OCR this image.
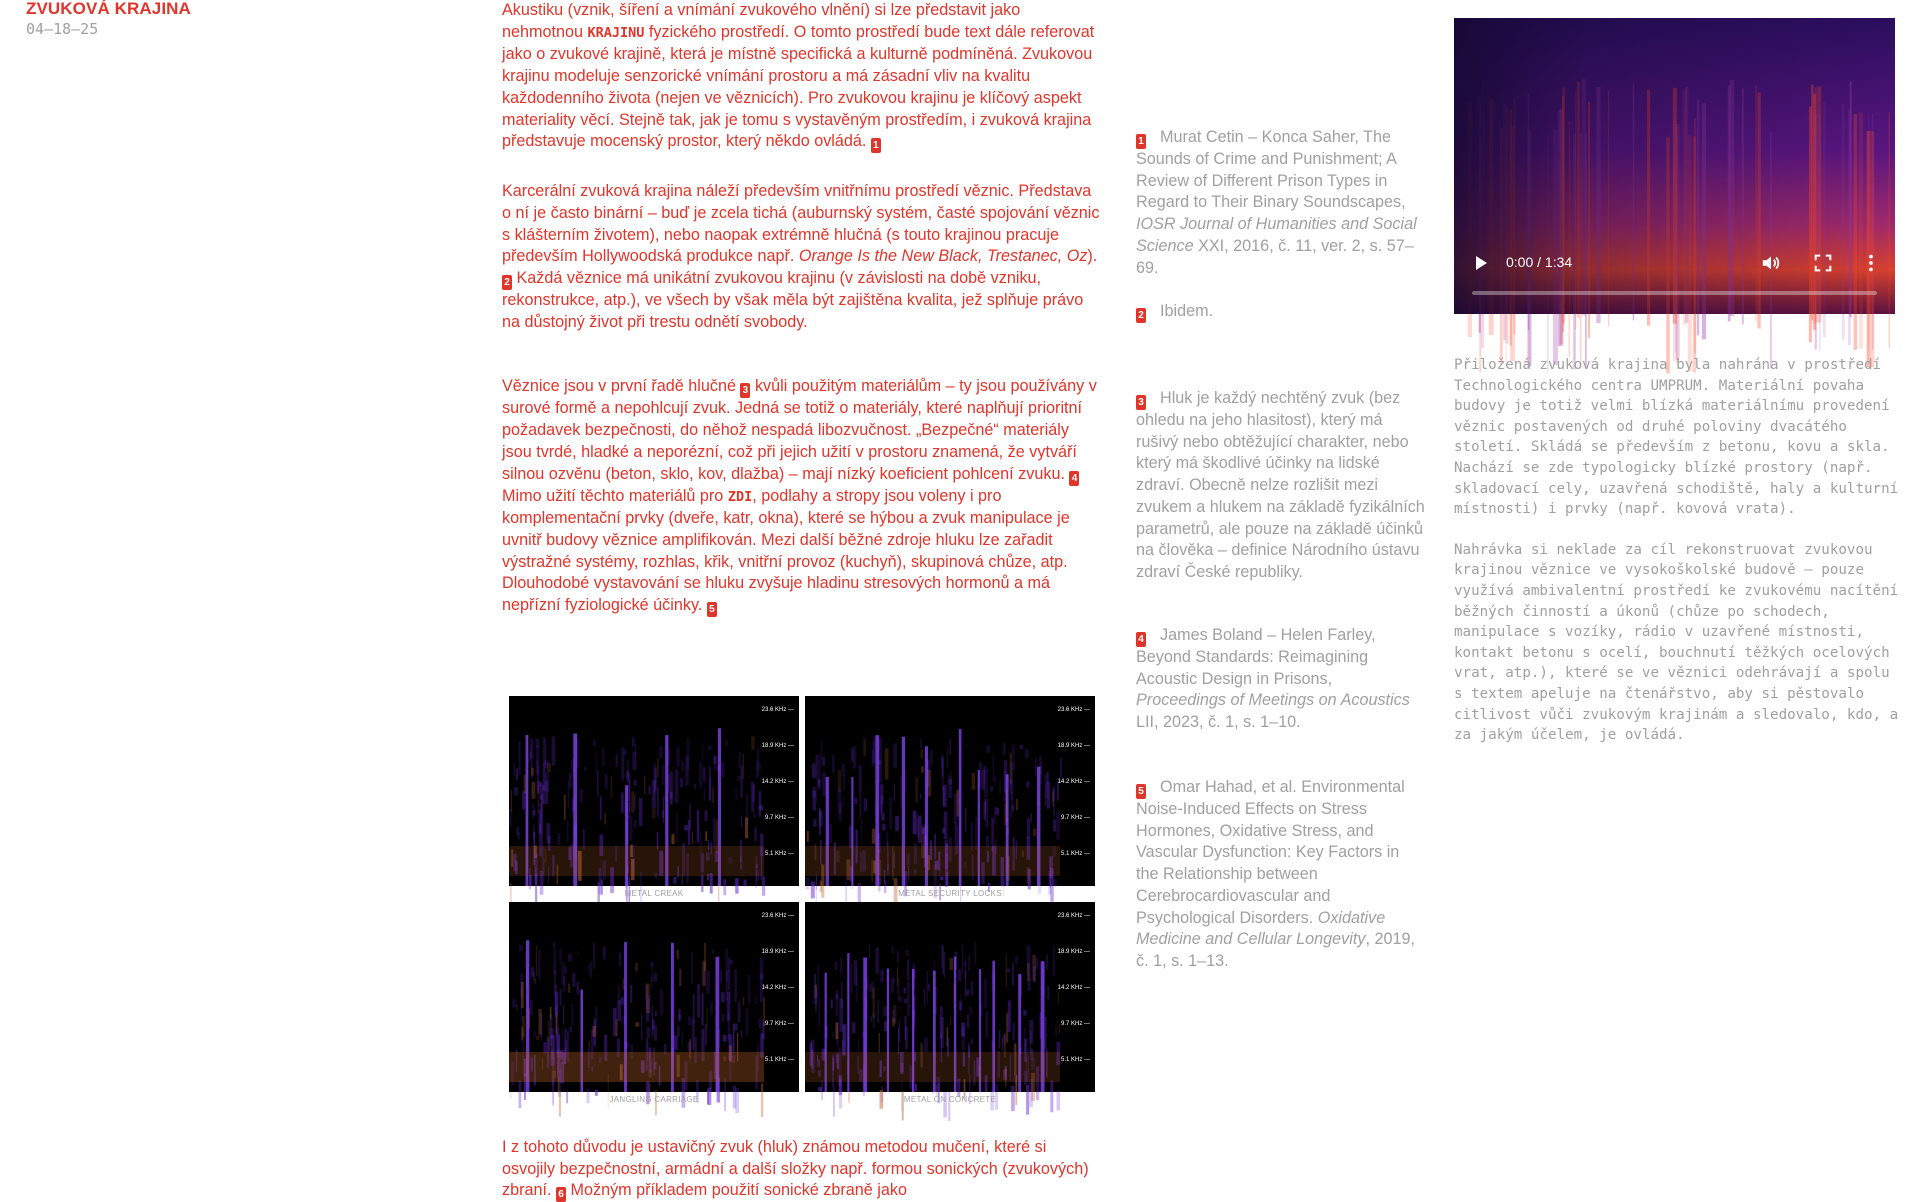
ZVUKOVÁ KRAJINA
04–18–25

Akustiku (vznik, šíření a vnímání zvukového vlnění) si lze představit jako nehmotnou KRAJINU fyzického prostředí. O tomto prostředí bude text dále referovat jako o zvukové krajině, která je místně specifická a kulturně podmíněná. Zvukovou krajinu modeluje senzorické vnímání prostoru a má zásadní vliv na kvalitu každodenního života (nejen ve věznicích). Pro zvukovou krajinu je klíčový aspekt materiality věcí. Stejně tak, jak je tomu s vystavěným prostředím, i zvuková krajina představuje mocenský prostor, který někdo ovládá. 1

Karcerální zvuková krajina náleží především vnitřnímu prostředí věznic. Představa o ní je často binární – buď je zcela tichá (auburnský systém, časté spojování věznic s klášterním životem), nebo naopak extrémně hlučná (s touto krajinou pracuje především Hollywoodská produkce např. Orange Is the New Black, Trestanec, Oz). 2 Každá věznice má unikátní zvukovou krajinu (v závislosti na době vzniku, rekonstrukce, atp.), ve všech by však měla být zajištěna kvalita, jež splňuje právo na důstojný život při trestu odnětí svobody.

Věznice jsou v první řadě hlučné 3 kvůli použitým materiálům – ty jsou používány v surové formě a nepohlcují zvuk. Jedná se totiž o materiály, které naplňují prioritní požadavek bezpečnosti, do něhož nespadá libozvučnost. „Bezpečné“ materiály jsou tvrdé, hladké a neporézní, což při jejich užití v prostoru znamená, že vytváří silnou ozvěnu (beton, sklo, kov, dlažba) – mají nízký koeficient pohlcení zvuku. 4 Mimo užití těchto materiálů pro ZDI, podlahy a stropy jsou voleny i pro komplementační prvky (dveře, katr, okna), které se hýbou a zvuk manipulace je uvnitř budovy věznice amplifikován. Mezi další běžné zdroje hluku lze zařadit výstražné systémy, rozhlas, křik, vnitřní provoz (kuchyň), skupinová chůze, atp. Dlouhodobé vystavování se hluku zvyšuje hladinu stresových hormonů a má nepřízní fyziologické účinky. 5

23.6 KHz —
18.9 KHz —
14.2 KHz —
9.7 KHz —
5.1 KHz —
440 Hz —
METAL CREAK
23.6 KHz —
18.9 KHz —
14.2 KHz —
9.7 KHz —
5.1 KHz —
440 Hz —
METAL SECURITY LOCKS
23.6 KHz —
18.9 KHz —
14.2 KHz —
9.7 KHz —
5.1 KHz —
440 Hz —
JANGLING CARRIAGE
23.6 KHz —
18.9 KHz —
14.2 KHz —
9.7 KHz —
5.1 KHz —
440 Hz —
METAL ON CONCRETE
I z tohoto důvodu je ustavičný zvuk (hluk) známou metodou mučení, které si osvojily bezpečnostní, armádní a další složky např. formou sonických (zvukových) zbraní. 6 Možným příkladem použití sonické zbraně jako
1 Murat Cetin – Konca Saher, The Sounds of Crime and Punishment; A Review of Different Prison Types in Regard to Their Binary Soundscapes, IOSR Journal of Humanities and Social Science XXI, 2016, č. 11, ver. 2, s. 57–69.
2 Ibidem.
3 Hluk je každý nechtěný zvuk (bez ohledu na jeho hlasitost), který má rušivý nebo obtěžující charakter, nebo který má škodlivé účinky na lidské zdraví. Obecně nelze rozlišit mezi zvukem a hlukem na základě fyzikálních parametrů, ale pouze na základě účinků na člověka – definice Národního ústavu zdraví České republiky.
4 James Boland – Helen Farley, Beyond Standards: Reimagining Acoustic Design in Prisons, Proceedings of Meetings on Acoustics LII, 2023, č. 1, s. 1–10.
5 Omar Hahad, et al. Environmental Noise-Induced Effects on Stress Hormones, Oxidative Stress, and Vascular Dysfunction: Key Factors in the Relationship between Cerebrocardiovascular and Psychological Disorders. Oxidative Medicine and Cellular Longevity, 2019, č. 1, s. 1–13.
0:00 / 1:34

Přiložená zvuková krajina byla nahrána v prostředí Technologického centra UMPRUM. Materiální povaha budovy je totiž velmi blízká materiálnímu provedení věznic postavených od druhé poloviny dvacátého století. Skládá se především z betonu, kovu a skla. Nachází se zde typologicky blízké prostory (např. skladovací cely, uzavřená schodiště, haly a kulturní místnosti) i prvky (např. kovová vrata).

Nahrávka si neklade za cíl rekonstruovat zvukovou krajinou věznice ve vysokoškolské budově – pouze využívá ambivalentní prostředí ke zvukovému nacítění běžných činností a úkonů (chůze po schodech, manipulace s vozíky, rádio v uzavřené místnosti, kontakt betonu s ocelí, bouchnutí těžkých ocelových vrat, atp.), které se ve věznici odehrávají a spolu s textem apeluje na čtenářstvo, aby si pěstovalo citlivost vůči zvukovým krajinám a sledovalo, kdo, a za jakým účelem, je ovládá.
